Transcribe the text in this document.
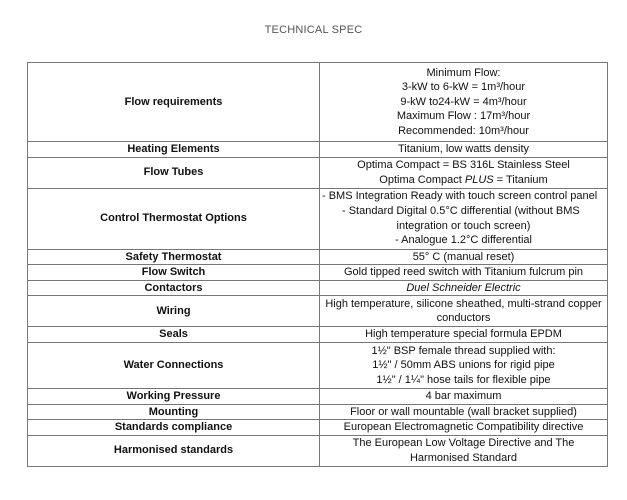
TECHNICAL SPEC
Flow requirements	Minimum Flow:
3-kW to 6-kW = 1m³/hour
9-kW to24-kW = 4m³/hour
Maximum Flow : 17m³/hour
Recommended: 10m³/hour

Heating Elements	Titanium, low watts density
Flow Tubes	Optima Compact = BS 316L Stainless Steel
Optima Compact PLUS = Titanium

Control Thermostat Options	- BMS Integration Ready with touch screen control panel
- Standard Digital 0.5°C differential (without BMS
integration or touch screen)
- Analogue 1.2°C differential

Safety Thermostat	55° C (manual reset)
Flow Switch	Gold tipped reed switch with Titanium fulcrum pin
Contactors	Duel Schneider Electric
Wiring	High temperature, silicone sheathed, multi-strand copper
conductors

Seals	High temperature special formula EPDM
Water Connections	1½" BSP female thread supplied with:
1½" / 50mm ABS unions for rigid pipe
1½" / 1¼" hose tails for flexible pipe

Working Pressure	4 bar maximum
Mounting	Floor or wall mountable (wall bracket supplied)
Standards compliance	European Electromagnetic Compatibility directive
Harmonised standards	The European Low Voltage Directive and The
Harmonised Standard
